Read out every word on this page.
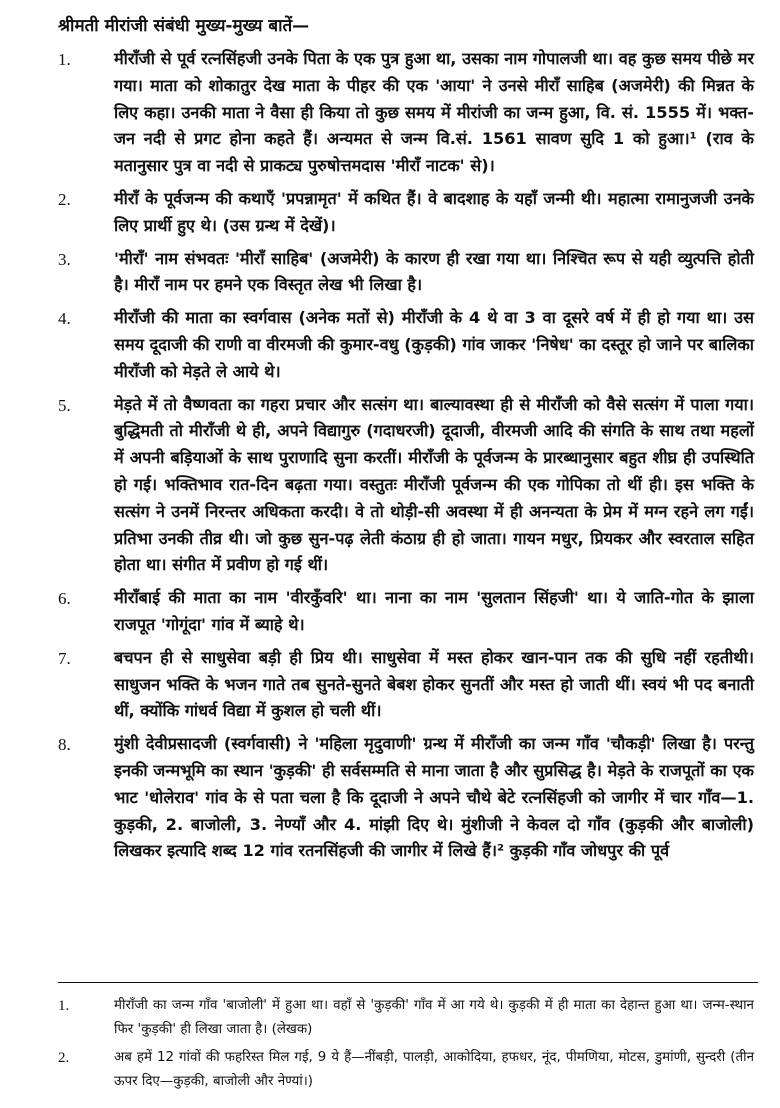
श्रीमती मीरांजी संबंधी मुख्य-मुख्य बातें—
1.	मीराँजी से पूर्व रत्नसिंहजी उनके पिता के एक पुत्र हुआ था, उसका नाम गोपालजी था। वह कुछ समय पीछे मर गया। माता को शोकातुर देख माता के पीहर की एक 'आया' ने उनसे मीराँ साहिब (अजमेरी) की मिन्नत के लिए कहा। उनकी माता ने वैसा ही किया तो कुछ समय में मीरांजी का जन्म हुआ, वि. सं. 1555 में। भक्त-जन नदी से प्रगट होना कहते हैं। अन्यमत से जन्म वि.सं. 1561 सावण सुदि 1 को हुआ।¹ (राव के मतानुसार पुत्र वा नदी से प्राकट्य पुरुषोत्तमदास 'मीराँ नाटक' से)।
2.	मीराँ के पूर्वजन्म की कथाएँ 'प्रपन्नामृत' में कथित हैं। वे बादशाह के यहाँ जन्मी थी। महात्मा रामानुजजी उनके लिए प्रार्थी हुए थे। (उस ग्रन्थ में देखें)।
3.	'मीराँ' नाम संभवतः 'मीराँ साहिब' (अजमेरी) के कारण ही रखा गया था। निश्चित रूप से यही व्युत्पत्ति होती है। मीराँ नाम पर हमने एक विस्तृत लेख भी लिखा है।
4.	मीराँजी की माता का स्वर्गवास (अनेक मतों से) मीराँजी के 4 थे वा 3 वा दूसरे वर्ष में ही हो गया था। उस समय दूदाजी की राणी वा वीरमजी की कुमार-वधु (कुड़की) गांव जाकर 'निषेध' का दस्तूर हो जाने पर बालिका मीराँजी को मेड़ते ले आये थे।
5.	मेड़ते में तो वैष्णवता का गहरा प्रचार और सत्संग था। बाल्यावस्था ही से मीराँजी को वैसे सत्संग में पाला गया। बुद्धिमती तो मीराँजी थे ही, अपने विद्यागुरु (गदाधरजी) दूदाजी, वीरमजी आदि की संगति के साथ तथा महलों में अपनी बड़ियाओं के साथ पुराणादि सुना करतीं। मीराँजी के पूर्वजन्म के प्रारब्धानुसार बहुत शीघ्र ही उपस्थिति हो गई। भक्तिभाव रात-दिन बढ़ता गया। वस्तुतः मीराँजी पूर्वजन्म की एक गोपिका तो थीं ही। इस भक्ति के सत्संग ने उनमें निरन्तर अधिकता करदी। वे तो थोड़ी-सी अवस्था में ही अनन्यता के प्रेम में मग्न रहने लग गईं। प्रतिभा उनकी तीव्र थी। जो कुछ सुन-पढ़ लेती कंठाग्र ही हो जाता। गायन मधुर, प्रियकर और स्वरताल सहित होता था। संगीत में प्रवीण हो गई थीं।
6.	मीराँबाई की माता का नाम 'वीरकुँवरि' था। नाना का नाम 'सुलतान सिंहजी' था। ये जाति-गोत के झाला राजपूत 'गोगूंदा' गांव में ब्याहे थे।
7.	बचपन ही से साधुसेवा बड़ी ही प्रिय थी। साधुसेवा में मस्त होकर खान-पान तक की सुधि नहीं रहतीथी। साधुजन भक्ति के भजन गाते तब सुनते-सुनते बेबश होकर सुनतीं और मस्त हो जाती थीं। स्वयं भी पद बनाती थीं, क्योंकि गांधर्व विद्या में कुशल हो चली थीं।
8.	मुंशी देवीप्रसादजी (स्वर्गवासी) ने 'महिला मृदुवाणी' ग्रन्थ में मीराँजी का जन्म गाँव 'चौकड़ी' लिखा है। परन्तु इनकी जन्मभूमि का स्थान 'कुड़की' ही सर्वसम्मति से माना जाता है और सुप्रसिद्ध है। मेड़ते के राजपूतों का एक भाट 'धोलेराव' गांव के से पता चला है कि दूदाजी ने अपने चौथे बेटे रत्नसिंहजी को जागीर में चार गाँव—1. कुड़की, 2. बाजोली, 3. नेण्याँ और 4. मांझी दिए थे। मुंशीजी ने केवल दो गाँव (कुड़की और बाजोली) लिखकर इत्यादि शब्द 12 गांव रतनसिंहजी की जागीर में लिखे हैं।² कुड़की गाँव जोधपुर की पूर्व
1.	मीराँजी का जन्म गाँव 'बाजोली' में हुआ था। वहाँ से 'कुड़की' गाँव में आ गये थे। कुड़की में ही माता का देहान्त हुआ था। जन्म-स्थान फिर 'कुड़की' ही लिखा जाता है। (लेखक)
2.	अब हमें 12 गांवों की फहरिस्त मिल गई, 9 ये हैं—नींबड़ी, पालड़ी, आकोदिया, हफधर, नूंद, पीमणिया, मोटस, डुमांणी, सुन्दरी (तीन ऊपर दिए—कुड़की, बाजोली और नेण्यां।)
